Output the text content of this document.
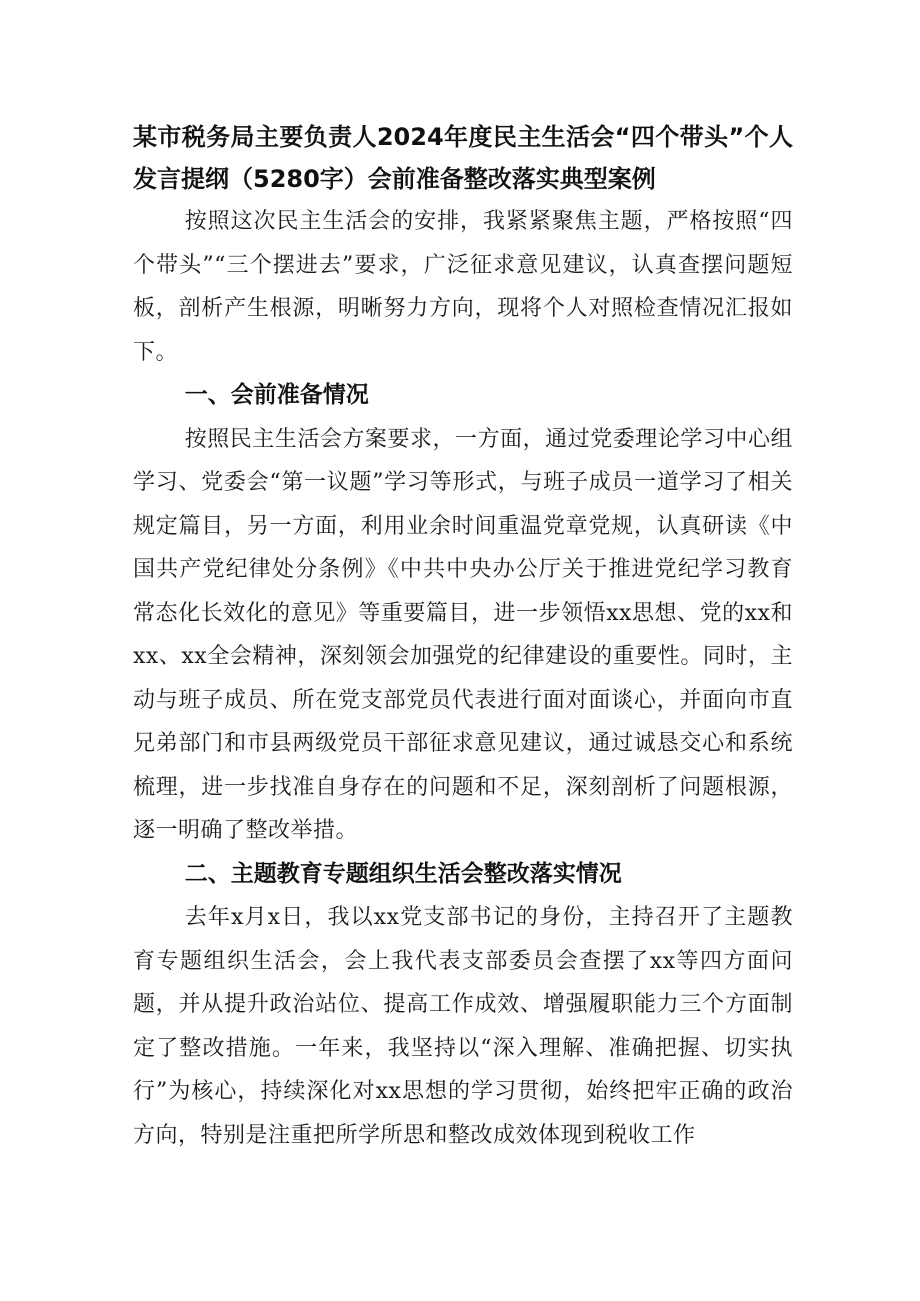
某市税务局主要负责人2024年度民主生活会“四个带头”个人发言提纲（5280字）会前准备整改落实典型案例

按照这次民主生活会的安排，我紧紧聚焦主题，严格按照“四个带头”“三个摆进去”要求，广泛征求意见建议，认真查摆问题短板，剖析产生根源，明晰努力方向，现将个人对照检查情况汇报如下。

一、会前准备情况

按照民主生活会方案要求，一方面，通过党委理论学习中心组学习、党委会“第一议题”学习等形式，与班子成员一道学习了相关规定篇目，另一方面，利用业余时间重温党章党规，认真研读《中国共产党纪律处分条例》《中共中央办公厅关于推进党纪学习教育常态化长效化的意见》等重要篇目，进一步领悟xx思想、党的xx和xx、xx全会精神，深刻领会加强党的纪律建设的重要性。同时，主动与班子成员、所在党支部党员代表进行面对面谈心，并面向市直兄弟部门和市县两级党员干部征求意见建议，通过诚恳交心和系统梳理，进一步找准自身存在的问题和不足，深刻剖析了问题根源，逐一明确了整改举措。

二、主题教育专题组织生活会整改落实情况

去年x月x日，我以xx党支部书记的身份，主持召开了主题教育专题组织生活会，会上我代表支部委员会查摆了xx等四方面问题，并从提升政治站位、提高工作成效、增强履职能力三个方面制定了整改措施。一年来，我坚持以“深入理解、准确把握、切实执行”为核心，持续深化对xx思想的学习贯彻，始终把牢正确的政治方向，特别是注重把所学所思和整改成效体现到税收工作
